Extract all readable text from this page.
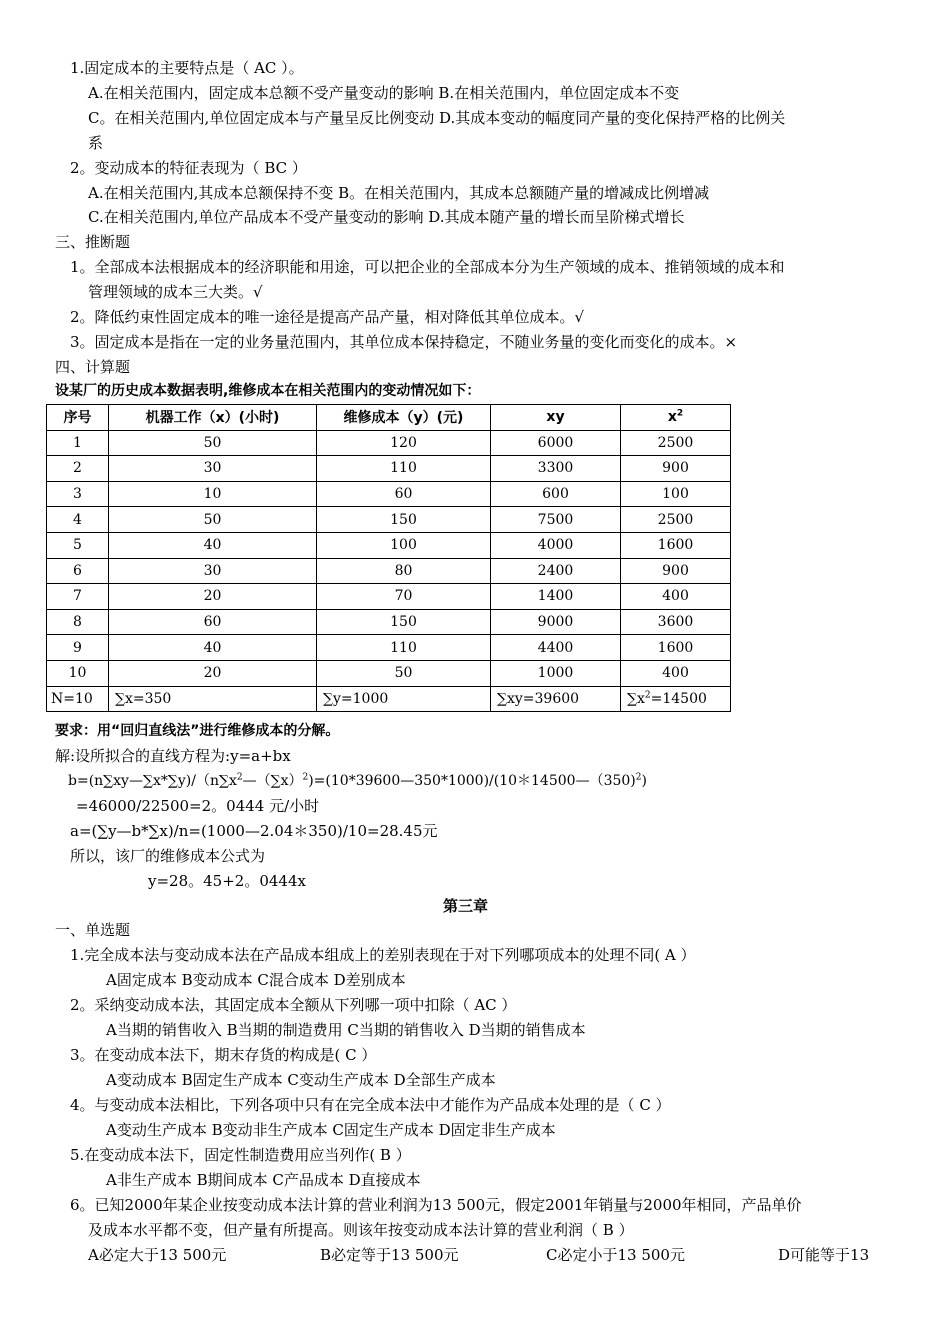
1.固定成本的主要特点是（ AC ）。
A.在相关范围内，固定成本总额不受产量变动的影响 B.在相关范围内，单位固定成本不变
C。在相关范围内,单位固定成本与产量呈反比例变动 D.其成本变动的幅度同产量的变化保持严格的比例关
系
2。变动成本的特征表现为（ BC ）
A.在相关范围内,其成本总额保持不变 B。在相关范围内，其成本总额随产量的增减成比例增减
C.在相关范围内,单位产品成本不受产量变动的影响 D.其成本随产量的增长而呈阶梯式增长
三、推断题
1。全部成本法根据成本的经济职能和用途，可以把企业的全部成本分为生产领域的成本、推销领域的成本和
管理领域的成本三大类。√
2。降低约束性固定成本的唯一途径是提高产品产量，相对降低其单位成本。√
3。固定成本是指在一定的业务量范围内，其单位成本保持稳定，不随业务量的变化而变化的成本。×
四、计算题
设某厂的历史成本数据表明,维修成本在相关范围内的变动情况如下：
序号	机器工作（x）(小时)	维修成本（y）(元)	xy	$x^2$
1	50	120	6000	2500
2	30	110	3300	900
3	10	60	600	100
4	50	150	7500	2500
5	40	100	4000	1600
6	30	80	2400	900
7	20	70	1400	400
8	60	150	9000	3600
9	40	110	4400	1600
10	20	50	1000	400
N=10	∑x=350	∑y=1000	∑xy=39600	$\sum x^2=14500$
要求：用“回归直线法”进行维修成本的分解。
解:设所拟合的直线方程为:y=a+bx
$b=(n\sum xy—\sum x*\sum y)/(n\sum x^2—(\sum x)^2)=(10*39600—350*1000)/(10*14500—(350)^2)$
=46000/22500=2。0444 元/小时
a=(∑y—b*∑x)/n=(1000—2.04＊350)/10=28.45元
所以，该厂的维修成本公式为
y=28。45+2。0444x
第三章
一、单选题
1.完全成本法与变动成本法在产品成本组成上的差别表现在于对下列哪项成本的处理不同( A ）
A固定成本 B变动成本 C混合成本 D差别成本
2。采纳变动成本法，其固定成本全额从下列哪一项中扣除（ AC ）
A当期的销售收入 B当期的制造费用 C当期的销售收入 D当期的销售成本
3。在变动成本法下，期末存货的构成是( C ）
A变动成本 B固定生产成本 C变动生产成本 D全部生产成本
4。与变动成本法相比，下列各项中只有在完全成本法中才能作为产品成本处理的是（ C ）
A变动生产成本 B变动非生产成本 C固定生产成本 D固定非生产成本
5.在变动成本法下，固定性制造费用应当列作( B ）
A非生产成本 B期间成本 C产品成本 D直接成本
6。已知2000年某企业按变动成本法计算的营业利润为13 500元，假定2001年销量与2000年相同，产品单价
及成本水平都不变，但产量有所提高。则该年按变动成本法计算的营业利润（ B ）
A必定大于13 500元	B必定等于13 500元	C必定小于13 500元	D可能等于13
